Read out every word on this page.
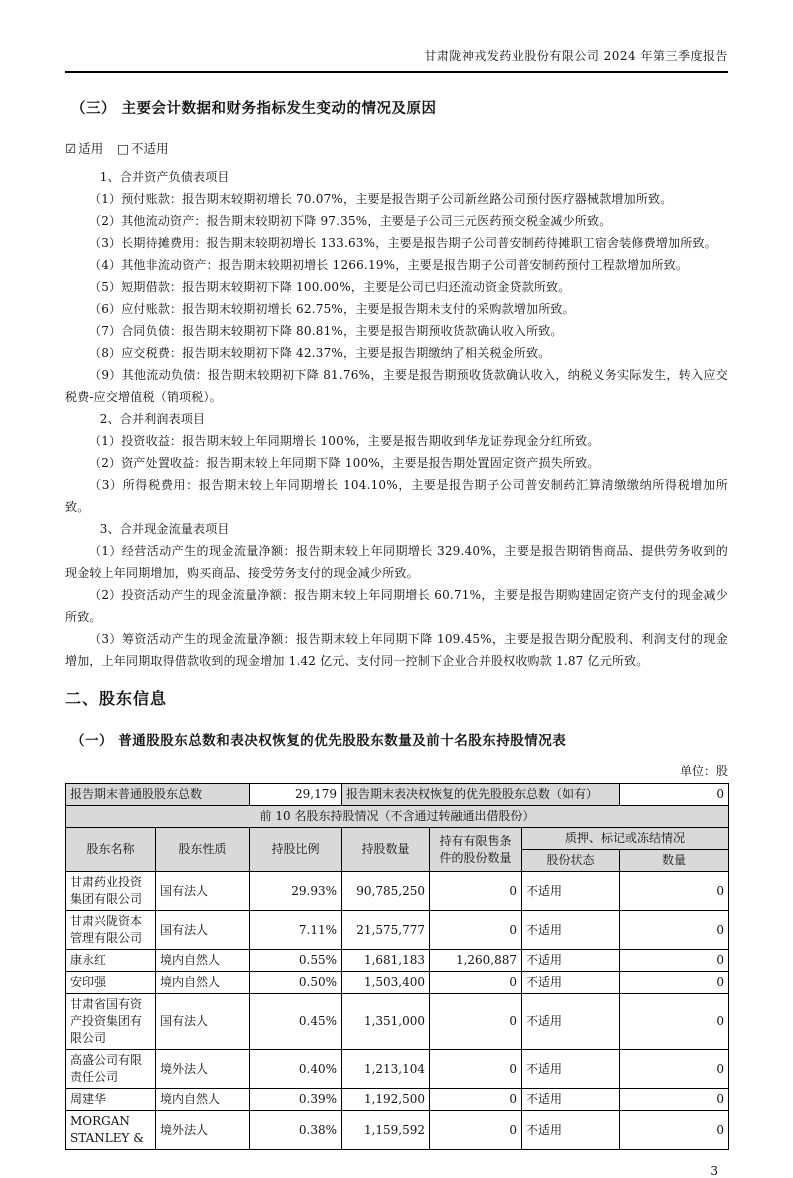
甘肃陇神戎发药业股份有限公司 2024 年第三季度报告
（三） 主要会计数据和财务指标发生变动的情况及原因
☑ 适用 □ 不适用

1、合并资产负债表项目

（1）预付账款：报告期末较期初增长 70.07%，主要是报告期子公司新丝路公司预付医疗器械款增加所致。

（2）其他流动资产：报告期末较期初下降 97.35%，主要是子公司三元医药预交税金减少所致。

（3）长期待摊费用：报告期末较期初增长 133.63%，主要是报告期子公司普安制药待摊职工宿舍装修费增加所致。

（4）其他非流动资产：报告期末较期初增长 1266.19%，主要是报告期子公司普安制药预付工程款增加所致。

（5）短期借款：报告期末较期初下降 100.00%，主要是公司已归还流动资金贷款所致。

（6）应付账款：报告期末较期初增长 62.75%，主要是报告期未支付的采购款增加所致。

（7）合同负债：报告期末较期初下降 80.81%，主要是报告期预收货款确认收入所致。

（8）应交税费：报告期末较期初下降 42.37%，主要是报告期缴纳了相关税金所致。

（9）其他流动负债：报告期末较期初下降 81.76%，主要是报告期预收货款确认收入，纳税义务实际发生，转入应交税费-应交增值税（销项税）。

2、合并利润表项目

（1）投资收益：报告期末较上年同期增长 100%，主要是报告期收到华龙证券现金分红所致。

（2）资产处置收益：报告期末较上年同期下降 100%，主要是报告期处置固定资产损失所致。

（3）所得税费用：报告期末较上年同期增长 104.10%，主要是报告期子公司普安制药汇算清缴缴纳所得税增加所致。

3、合并现金流量表项目

（1）经营活动产生的现金流量净额：报告期末较上年同期增长 329.40%，主要是报告期销售商品、提供劳务收到的现金较上年同期增加，购买商品、接受劳务支付的现金减少所致。

（2）投资活动产生的现金流量净额：报告期末较上年同期增长 60.71%，主要是报告期购建固定资产支付的现金减少所致。

（3）筹资活动产生的现金流量净额：报告期末较上年同期下降 109.45%，主要是报告期分配股利、利润支付的现金增加，上年同期取得借款收到的现金增加 1.42 亿元、支付同一控制下企业合并股权收购款 1.87 亿元所致。

二、股东信息
（一） 普通股股东总数和表决权恢复的优先股股东数量及前十名股东持股情况表
单位：股
报告期末普通股股东总数		29,179	报告期末表决权恢复的优先股股东总数（如有）			0
前 10 名股东持股情况（不含通过转融通出借股份）						
股东名称	股东性质	持股比例	持股数量	持有有限售条件的股份数量	质押、标记或冻结情况	
					股份状态	数量
甘肃药业投资集团有限公司	国有法人	29.93%	90,785,250	0	不适用	0
甘肃兴陇资本管理有限公司	国有法人	7.11%	21,575,777	0	不适用	0
康永红	境内自然人	0.55%	1,681,183	1,260,887	不适用	0
安印强	境内自然人	0.50%	1,503,400	0	不适用	0
甘肃省国有资产投资集团有限公司	国有法人	0.45%	1,351,000	0	不适用	0
高盛公司有限责任公司	境外法人	0.40%	1,213,104	0	不适用	0
周建华	境内自然人	0.39%	1,192,500	0	不适用	0
MORGAN STANLEY &	境外法人	0.38%	1,159,592	0	不适用	0
3
